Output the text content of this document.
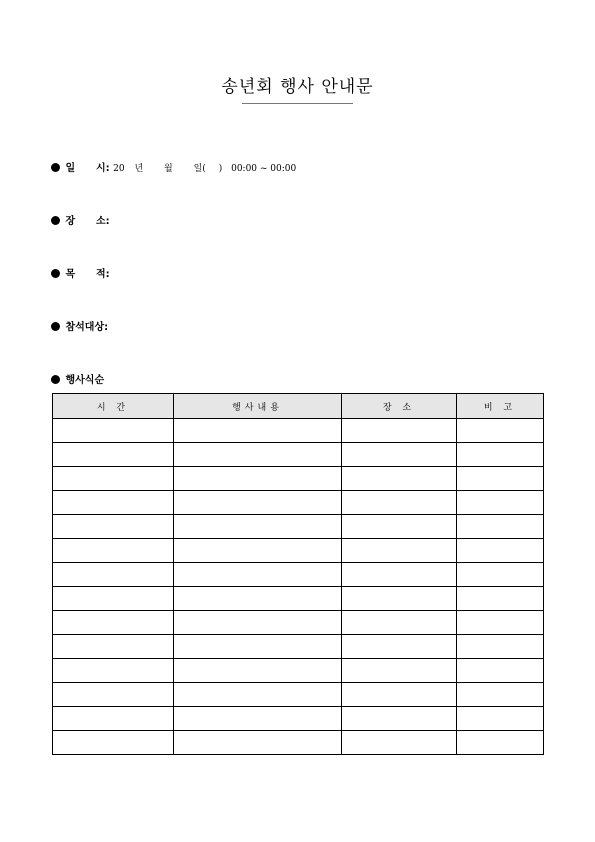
송년회 행사 안내문
일 시: 20 년 월 일( ) 00:00 ~ 00:00
장 소:
목 적:
참석대상:
행사식순
시 간	행사내용	장 소	비 고
